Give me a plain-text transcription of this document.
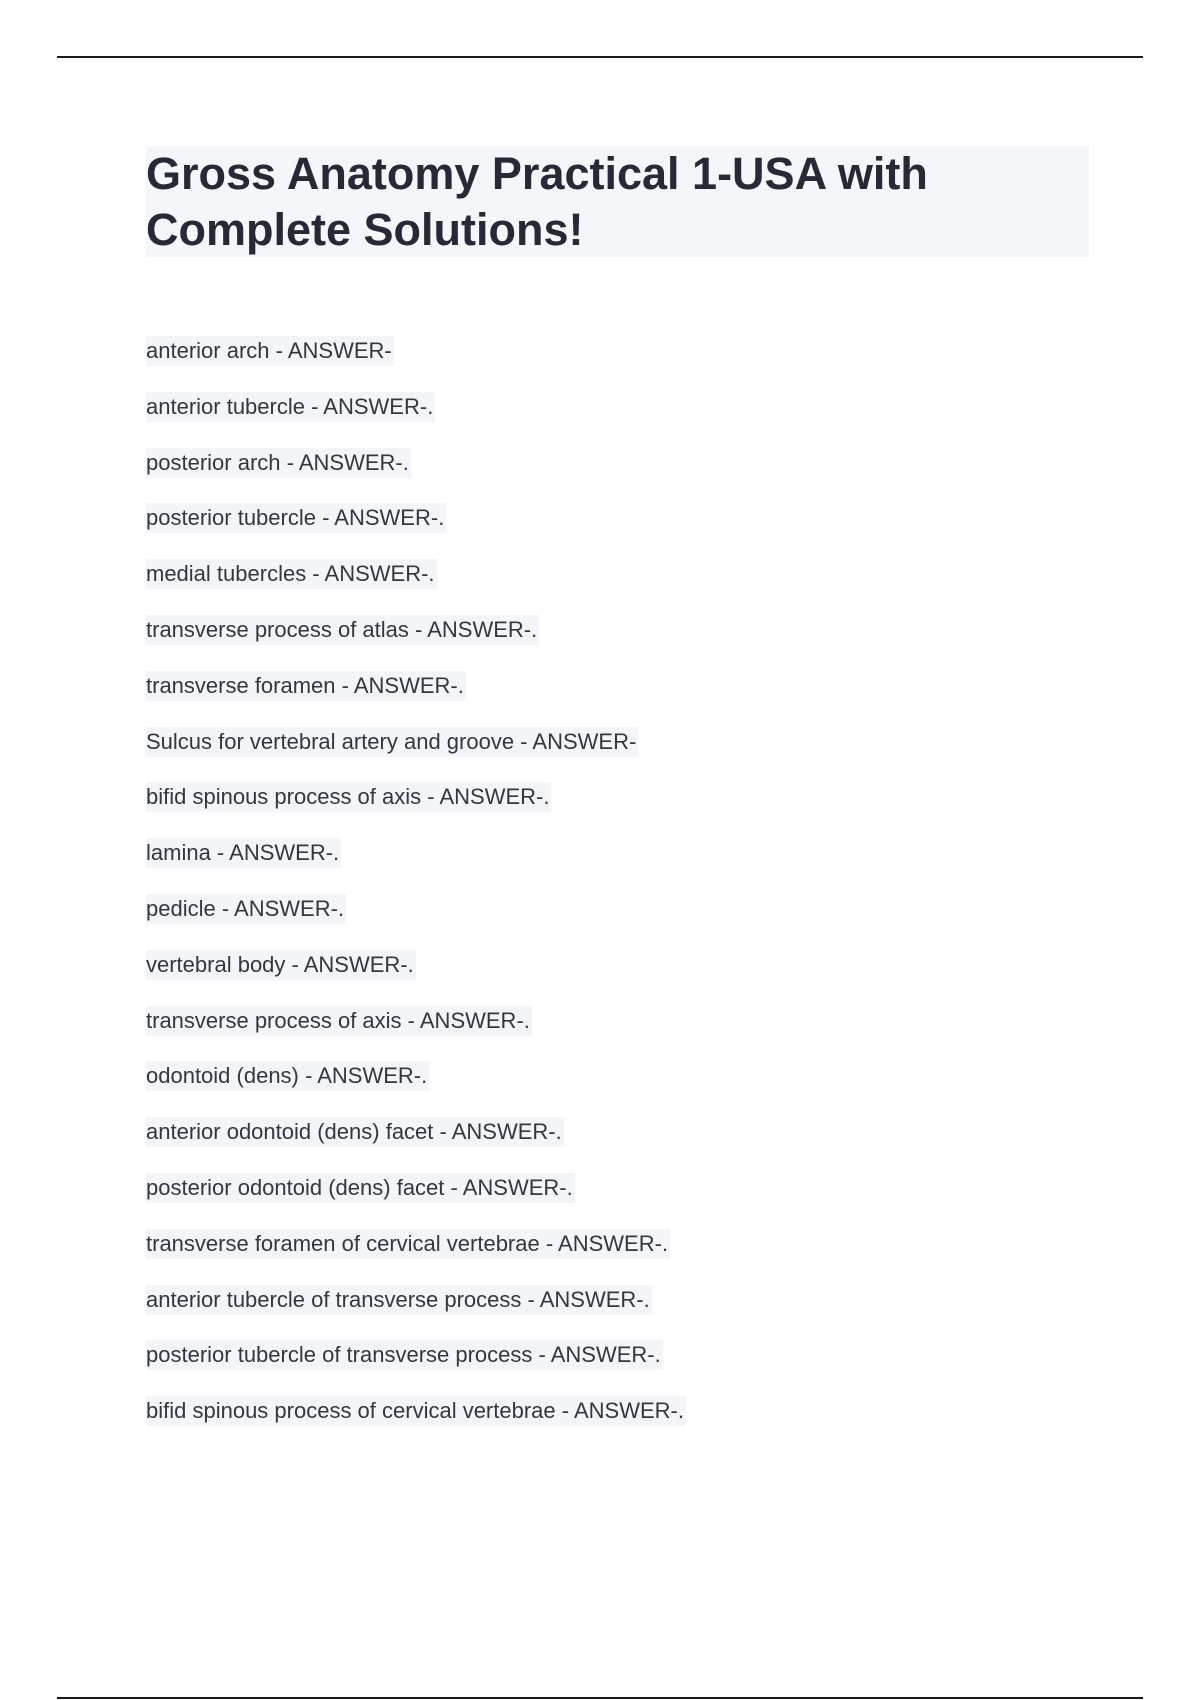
Gross Anatomy Practical 1-USA with Complete Solutions!
anterior arch - ANSWER-
anterior tubercle - ANSWER-.
posterior arch - ANSWER-.
posterior tubercle - ANSWER-.
medial tubercles - ANSWER-.
transverse process of atlas - ANSWER-.
transverse foramen - ANSWER-.
Sulcus for vertebral artery and groove - ANSWER-
bifid spinous process of axis - ANSWER-.
lamina - ANSWER-.
pedicle - ANSWER-.
vertebral body - ANSWER-.
transverse process of axis - ANSWER-.
odontoid (dens) - ANSWER-.
anterior odontoid (dens) facet - ANSWER-.
posterior odontoid (dens) facet - ANSWER-.
transverse foramen of cervical vertebrae - ANSWER-.
anterior tubercle of transverse process - ANSWER-.
posterior tubercle of transverse process - ANSWER-.
bifid spinous process of cervical vertebrae - ANSWER-.
